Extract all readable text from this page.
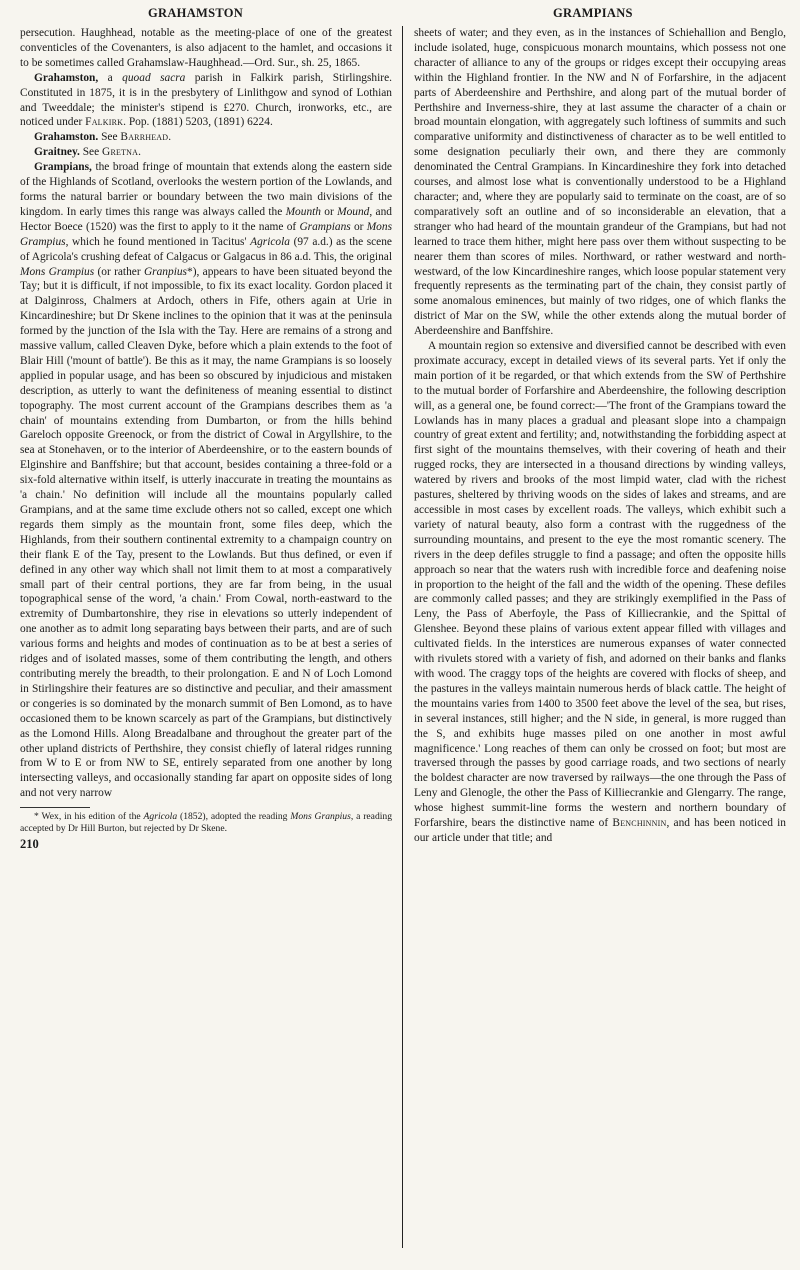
GRAHAMSTON	GRAMPIANS

persecution. Haughhead, notable as the meeting-place of one of the greatest conventicles of the Covenanters, is also adjacent to the hamlet, and occasions it to be sometimes called Grahamslaw-Haughhead.—Ord. Sur., sh. 25, 1865.

Grahamston, a quoad sacra parish in Falkirk parish, Stirlingshire. Constituted in 1875, it is in the presbytery of Linlithgow and synod of Lothian and Tweeddale; the minister's stipend is £270. Church, ironworks, etc., are noticed under Falkirk. Pop. (1881) 5203, (1891) 6224.

Grahamston. See Barrhead.

Graitney. See Gretna.

Grampians, the broad fringe of mountain that extends along the eastern side of the Highlands of Scotland, overlooks the western portion of the Lowlands, and forms the natural barrier or boundary between the two main divisions of the kingdom. In early times this range was always called the Mounth or Mound, and Hector Boece (1520) was the first to apply to it the name of Grampians or Mons Grampius, which he found mentioned in Tacitus' Agricola (97 a.d.) as the scene of Agricola's crushing defeat of Calgacus or Galgacus in 86 a.d. This, the original Mons Grampius (or rather Granpius*), appears to have been situated beyond the Tay; but it is difficult, if not impossible, to fix its exact locality. Gordon placed it at Dalginross, Chalmers at Ardoch, others in Fife, others again at Urie in Kincardineshire; but Dr Skene inclines to the opinion that it was at the peninsula formed by the junction of the Isla with the Tay. Here are remains of a strong and massive vallum, called Cleaven Dyke, before which a plain extends to the foot of Blair Hill ('mount of battle'). Be this as it may, the name Grampians is so loosely applied in popular usage, and has been so obscured by injudicious and mistaken description, as utterly to want the definiteness of meaning essential to distinct topography. The most current account of the Grampians describes them as 'a chain' of mountains extending from Dumbarton, or from the hills behind Gareloch opposite Greenock, or from the district of Cowal in Argyllshire, to the sea at Stonehaven, or to the interior of Aberdeenshire, or to the eastern bounds of Elginshire and Banffshire; but that account, besides containing a three-fold or a six-fold alternative within itself, is utterly inaccurate in treating the mountains as 'a chain.' No definition will include all the mountains popularly called Grampians, and at the same time exclude others not so called, except one which regards them simply as the mountain front, some files deep, which the Highlands, from their southern continental extremity to a champaign country on their flank E of the Tay, present to the Lowlands. But thus defined, or even if defined in any other way which shall not limit them to at most a comparatively small part of their central portions, they are far from being, in the usual topographical sense of the word, 'a chain.' From Cowal, north-eastward to the extremity of Dumbartonshire, they rise in elevations so utterly independent of one another as to admit long separating bays between their parts, and are of such various forms and heights and modes of continuation as to be at best a series of ridges and of isolated masses, some of them contributing the length, and others contributing merely the breadth, to their prolongation. E and N of Loch Lomond in Stirlingshire their features are so distinctive and peculiar, and their amassment or congeries is so dominated by the monarch summit of Ben Lomond, as to have occasioned them to be known scarcely as part of the Grampians, but distinctively as the Lomond Hills. Along Breadalbane and throughout the greater part of the other upland districts of Perthshire, they consist chiefly of lateral ridges running from W to E or from NW to SE, entirely separated from one another by long intersecting valleys, and occasionally standing far apart on opposite sides of long and not very narrow

* Wex, in his edition of the Agricola (1852), adopted the reading Mons Granpius, a reading accepted by Dr Hill Burton, but rejected by Dr Skene.

210

sheets of water; and they even, as in the instances of Schiehallion and Benglo, include isolated, huge, conspicuous monarch mountains, which possess not one character of alliance to any of the groups or ridges except their occupying areas within the Highland frontier. In the NW and N of Forfarshire, in the adjacent parts of Aberdeenshire and Perthshire, and along part of the mutual border of Perthshire and Inverness-shire, they at last assume the character of a chain or broad mountain elongation, with aggregately such loftiness of summits and such comparative uniformity and distinctiveness of character as to be well entitled to some designation peculiarly their own, and there they are commonly denominated the Central Grampians. In Kincardineshire they fork into detached courses, and almost lose what is conventionally understood to be a Highland character; and, where they are popularly said to terminate on the coast, are of so comparatively soft an outline and of so inconsiderable an elevation, that a stranger who had heard of the mountain grandeur of the Grampians, but had not learned to trace them hither, might here pass over them without suspecting to be nearer them than scores of miles. Northward, or rather westward and north-westward, of the low Kincardineshire ranges, which loose popular statement very frequently represents as the terminating part of the chain, they consist partly of some anomalous eminences, but mainly of two ridges, one of which flanks the district of Mar on the SW, while the other extends along the mutual border of Aberdeenshire and Banffshire.

A mountain region so extensive and diversified cannot be described with even proximate accuracy, except in detailed views of its several parts. Yet if only the main portion of it be regarded, or that which extends from the SW of Perthshire to the mutual border of Forfarshire and Aberdeenshire, the following description will, as a general one, be found correct:—'The front of the Grampians toward the Lowlands has in many places a gradual and pleasant slope into a champaign country of great extent and fertility; and, notwithstanding the forbidding aspect at first sight of the mountains themselves, with their covering of heath and their rugged rocks, they are intersected in a thousand directions by winding valleys, watered by rivers and brooks of the most limpid water, clad with the richest pastures, sheltered by thriving woods on the sides of lakes and streams, and are accessible in most cases by excellent roads. The valleys, which exhibit such a variety of natural beauty, also form a contrast with the ruggedness of the surrounding mountains, and present to the eye the most romantic scenery. The rivers in the deep defiles struggle to find a passage; and often the opposite hills approach so near that the waters rush with incredible force and deafening noise in proportion to the height of the fall and the width of the opening. These defiles are commonly called passes; and they are strikingly exemplified in the Pass of Leny, the Pass of Aberfoyle, the Pass of Killiecrankie, and the Spittal of Glenshee. Beyond these plains of various extent appear filled with villages and cultivated fields. In the interstices are numerous expanses of water connected with rivulets stored with a variety of fish, and adorned on their banks and flanks with wood. The craggy tops of the heights are covered with flocks of sheep, and the pastures in the valleys maintain numerous herds of black cattle. The height of the mountains varies from 1400 to 3500 feet above the level of the sea, but rises, in several instances, still higher; and the N side, in general, is more rugged than the S, and exhibits huge masses piled on one another in most awful magnificence.' Long reaches of them can only be crossed on foot; but most are traversed through the passes by good carriage roads, and two sections of nearly the boldest character are now traversed by railways—the one through the Pass of Leny and Glenogle, the other the Pass of Killiecrankie and Glengarry. The range, whose highest summit-line forms the western and northern boundary of Forfarshire, bears the distinctive name of Benchinnin, and has been noticed in our article under that title; and
